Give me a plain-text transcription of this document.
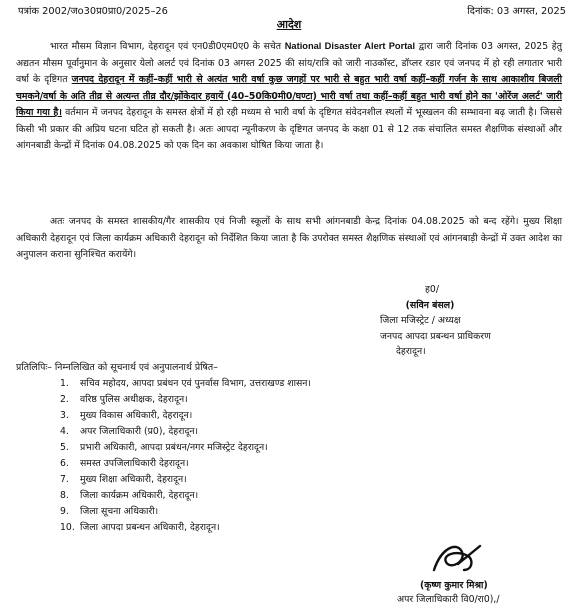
पत्रांक 2002/जo30प्र0प्रा0/2025–26	दिनांक: 03 अगस्त, 2025
आदेश

भारत मौसम विज्ञान विभाग, देहरादून एवं एन0डी0एम0ए0 के सचेत National Disaster Alert Portal द्वारा जारी दिनांक 03 अगस्त, 2025 हेतु अद्यतन मौसम पूर्वानुमान के अनुसार येलो अलर्ट एवं दिनांक 03 अगस्त 2025 की सांय/रात्रि को जारी नाउकॉस्ट, डॉप्लर रडार एवं जनपद में हो रही लगातार भारी वर्षा के दृष्टिगत जनपद देहरादून में कहीं–कहीं भारी से अत्यंत भारी वर्षा कुछ जगहों पर भारी से बहुत भारी वर्षा कहीं–कहीं गर्जन के साथ आकाशीय बिजली चमकने/वर्षा के अति तीव्र से अत्यन्त तीव्र दौर/झोंकेदार हवायें (40–50कि0मी0/घण्टा) भारी वर्षा तथा कहीं–कहीं बहुत भारी वर्षा होने का 'ओरेंज अलर्ट' जारी किया गया है। वर्तमान में जनपद देहरादून के समस्त क्षेत्रों में हो रही मध्यम से भारी वर्षा के दृष्टिगत संवेदनशील स्थलों में भूस्खलन की सम्भावना बढ़ जाती है। जिससे किसी भी प्रकार की अप्रिय घटना घटित हो सकती है। अतः आपदा न्यूनीकरण के दृष्टिगत जनपद के कक्षा 01 से 12 तक संचालित समस्त शैक्षणिक संस्थाओं और आंगनबाडी केन्द्रों में दिनांक 04.08.2025 को एक दिन का अवकाश घोषित किया जाता है।

अतः जनपद के समस्त शासकीय/गैर शासकीय एवं निजी स्कूलों के साथ सभी आंगनबाडी केन्द्र दिनांक 04.08.2025 को बन्द रहेंगे। मुख्य शिक्षा अधिकारी देहरादून एवं जिला कार्यक्रम अधिकारी देहरादून को निर्देशित किया जाता है कि उपरोक्त समस्त शैक्षणिक संस्थाओं एवं आंगनबाड़ी केन्द्रों में उक्त आदेश का अनुपालन कराना सुनिश्चित करायेंगे।

ह0/
(सविन बंसल)
जिला मजिस्ट्रेट / अध्यक्ष
जनपद आपदा प्रबन्धन प्राधिकरण
देहरादून।
प्रतिलिपिः– निम्नलिखित को सूचनार्थ एवं अनुपालनार्थ प्रेषित–
1. सचिव महोदय, आपदा प्रबंधन एवं पुनर्वास विभाग, उत्तराखण्ड शासन।
2. वरिष्ठ पुलिस अधीक्षक, देहरादून।
3. मुख्य विकास अधिकारी, देहरादून।
4. अपर जिलाधिकारी (प्र0), देहरादून।
5. प्रभारी अधिकारी, आपदा प्रबंधन/नगर मजिस्ट्रेट देहरादून।
6. समस्त उपजिलाधिकारी देहरादून।
7. मुख्य शिक्षा अधिकारी, देहरादून।
8. जिला कार्यक्रम अधिकारी, देहरादून।
9. जिला सूचना अधिकारी।
10. जिला आपदा प्रबन्धन अधिकारी, देहरादून।
(कृष्ण कुमार मिश्रा)
अपर जिलाधिकारी वि0/रा0),/
